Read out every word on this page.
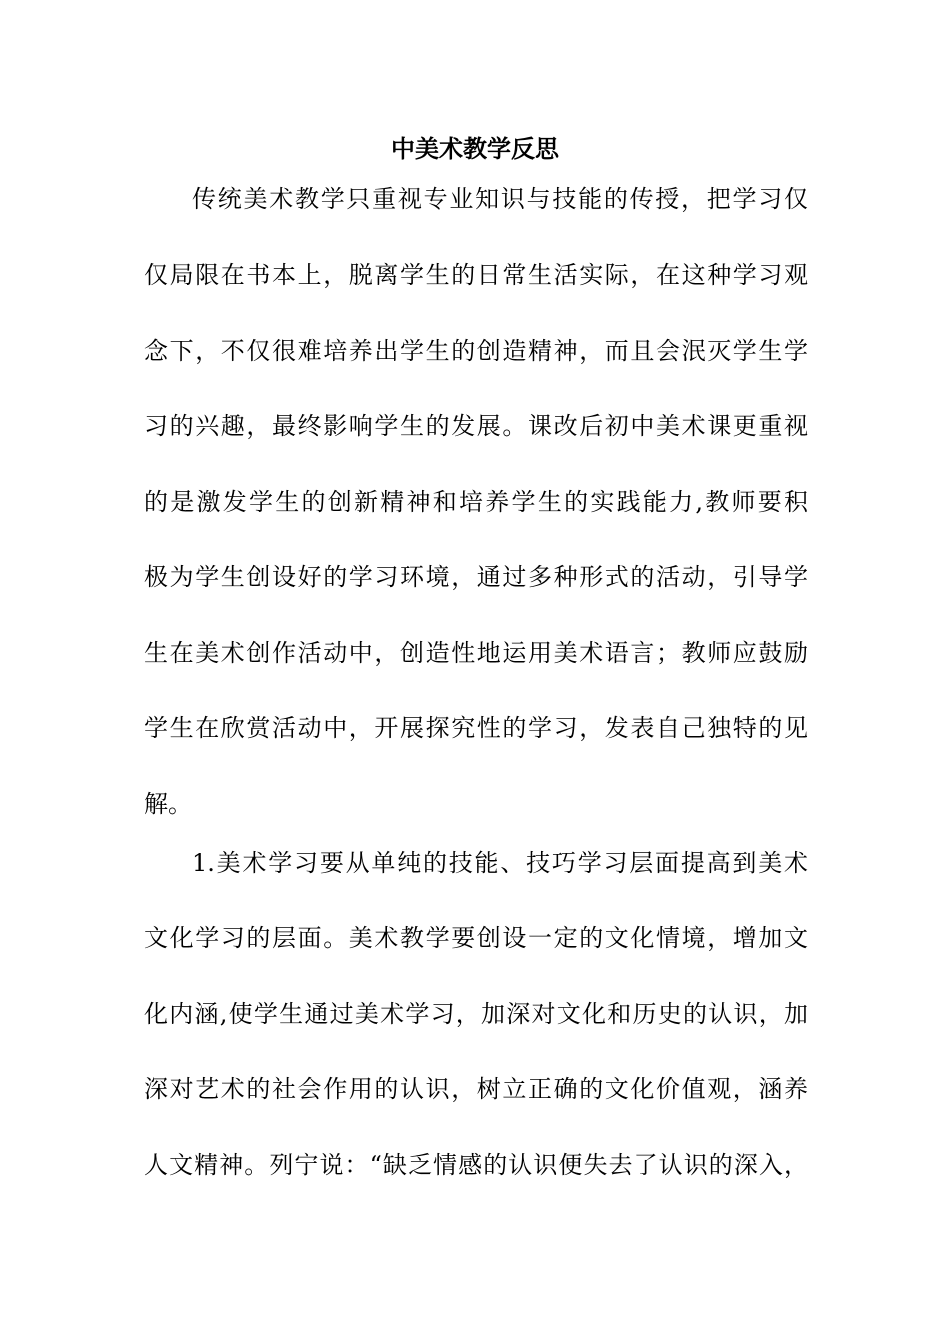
中美术教学反思
传统美术教学只重视专业知识与技能的传授，把学习仅
仅局限在书本上，脱离学生的日常生活实际，在这种学习观
念下，不仅很难培养出学生的创造精神，而且会泯灭学生学
习的兴趣，最终影响学生的发展。课改后初中美术课更重视
的是激发学生的创新精神和培养学生的实践能力,教师要积
极为学生创设好的学习环境，通过多种形式的活动，引导学
生在美术创作活动中，创造性地运用美术语言；教师应鼓励
学生在欣赏活动中，开展探究性的学习，发表自己独特的见
解。
1.美术学习要从单纯的技能、技巧学习层面提高到美术
文化学习的层面。美术教学要创设一定的文化情境，增加文
化内涵,使学生通过美术学习，加深对文化和历史的认识，加
深对艺术的社会作用的认识，树立正确的文化价值观，涵养
人文精神。列宁说：“缺乏情感的认识便失去了认识的深入，
